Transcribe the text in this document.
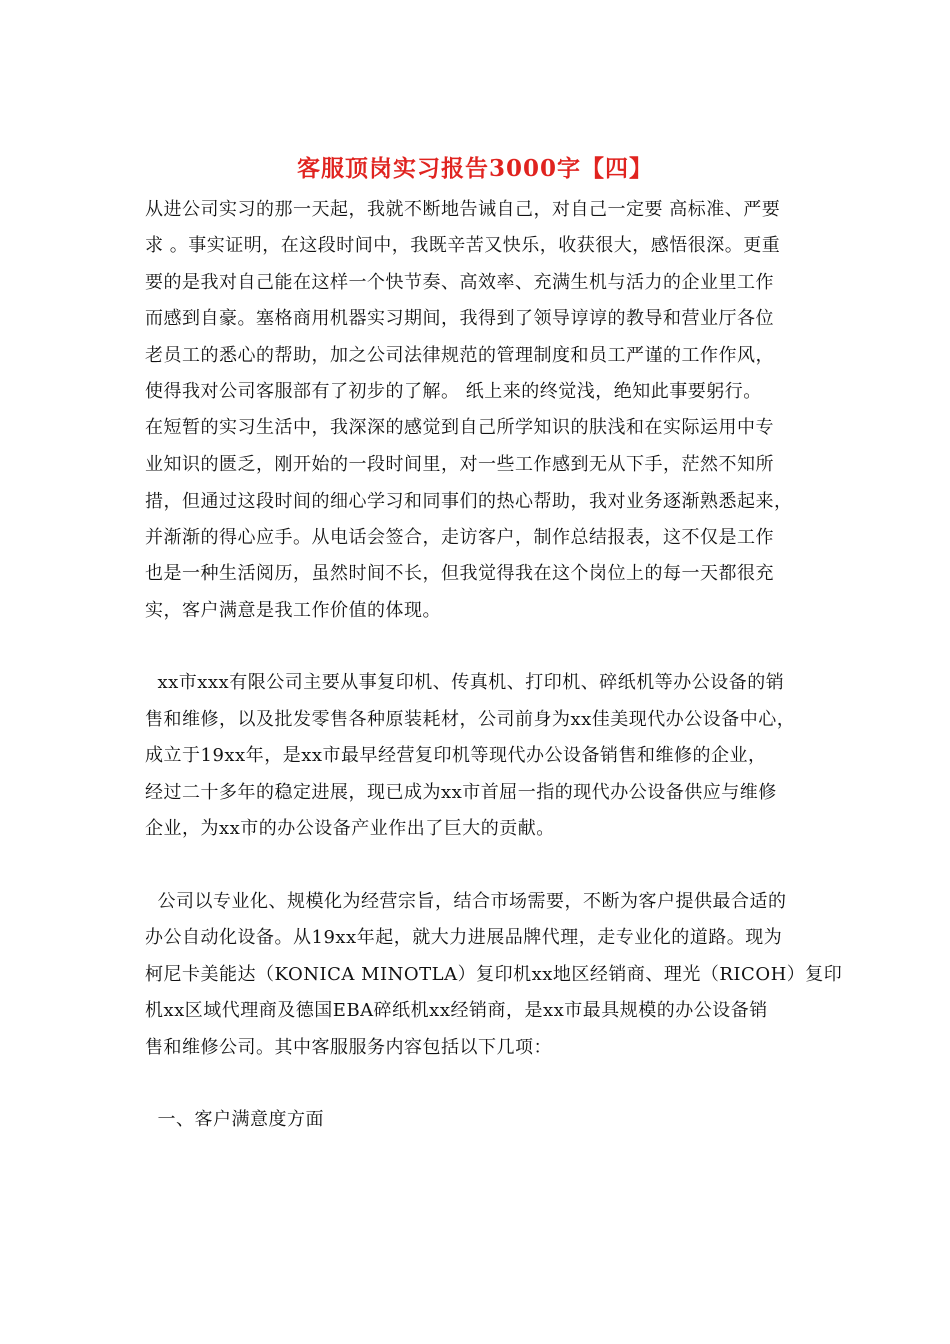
客服顶岗实习报告3000字【四】
从进公司实习的那一天起，我就不断地告诫自己，对自己一定要 高标准、严要
求 。事实证明，在这段时间中，我既辛苦又快乐，收获很大，感悟很深。更重
要的是我对自己能在这样一个快节奏、高效率、充满生机与活力的企业里工作
而感到自豪。塞格商用机器实习期间，我得到了领导谆谆的教导和营业厅各位
老员工的悉心的帮助，加之公司法律规范的管理制度和员工严谨的工作作风，
使得我对公司客服部有了初步的了解。 纸上来的终觉浅，绝知此事要躬行。
在短暂的实习生活中，我深深的感觉到自己所学知识的肤浅和在实际运用中专
业知识的匮乏，刚开始的一段时间里，对一些工作感到无从下手，茫然不知所
措，但通过这段时间的细心学习和同事们的热心帮助，我对业务逐渐熟悉起来，
并渐渐的得心应手。从电话会签合，走访客户，制作总结报表，这不仅是工作
也是一种生活阅历，虽然时间不长，但我觉得我在这个岗位上的每一天都很充
实，客户满意是我工作价值的体现。
xx市xxx有限公司主要从事复印机、传真机、打印机、碎纸机等办公设备的销
售和维修，以及批发零售各种原装耗材，公司前身为xx佳美现代办公设备中心，
成立于19xx年，是xx市最早经营复印机等现代办公设备销售和维修的企业，
经过二十多年的稳定进展，现已成为xx市首屈一指的现代办公设备供应与维修
企业，为xx市的办公设备产业作出了巨大的贡献。
公司以专业化、规模化为经营宗旨，结合市场需要，不断为客户提供最合适的
办公自动化设备。从19xx年起，就大力进展品牌代理，走专业化的道路。现为
柯尼卡美能达（KONICA MINOTLA）复印机xx地区经销商、理光（RICOH）复印
机xx区域代理商及德国EBA碎纸机xx经销商，是xx市最具规模的办公设备销
售和维修公司。其中客服服务内容包括以下几项：
一、客户满意度方面
